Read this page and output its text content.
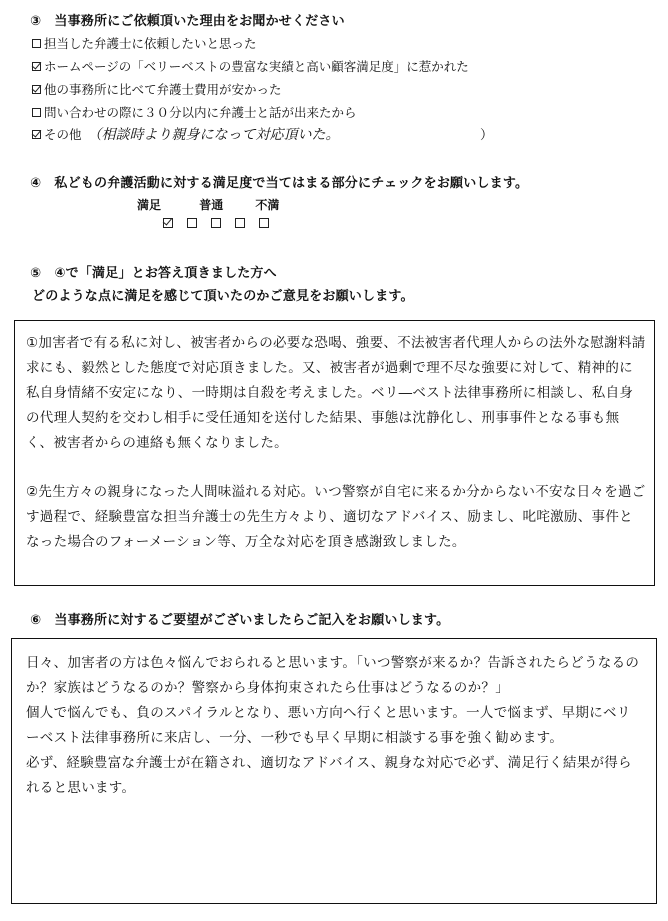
③　当事務所にご依頼頂いた理由をお聞かせください
担当した弁護士に依頼したいと思った
ホームページの「ベリーベストの豊富な実績と高い顧客満足度」に惹かれた
他の事務所に比べて弁護士費用が安かった
問い合わせの際に３０分以内に弁護士と話が出来たから
その他 （相談時より親身になって対応頂いた。	）
④　私どもの弁護活動に対する満足度で当てはまる部分にチェックをお願いします。
満足	普通	不満
⑤　④で「満足」とお答え頂きました方へ
どのような点に満足を感じて頂いたのかご意見をお願いします。

①加害者で有る私に対し、被害者からの必要な恐喝、強要、不法被害者代理人からの法外な慰謝料請求にも、毅然とした態度で対応頂きました。又、被害者が過剰で理不尽な強要に対して、精神的に私自身情緒不安定になり、一時期は自殺を考えました。ベリ―ベスト法律事務所に相談し、私自身の代理人契約を交わし相手に受任通知を送付した結果、事態は沈静化し、刑事事件となる事も無く、被害者からの連絡も無くなりました。

②先生方々の親身になった人間味溢れる対応。いつ警察が自宅に来るか分からない不安な日々を過ごす過程で、経験豊富な担当弁護士の先生方々より、適切なアドバイス、励まし、叱咤激励、事件となった場合のフォーメーション等、万全な対応を頂き感謝致しました。

⑥　当事務所に対するご要望がございましたらご記入をお願いします。

日々、加害者の方は色々悩んでおられると思います。「いつ警察が来るか？告訴されたらどうなるのか？家族はどうなるのか？警察から身体拘束されたら仕事はどうなるのか？」

個人で悩んでも、負のスパイラルとなり、悪い方向へ行くと思います。一人で悩まず、早期にベリーベスト法律事務所に来店し、一分、一秒でも早く早期に相談する事を強く勧めます。

必ず、経験豊富な弁護士が在籍され、適切なアドバイス、親身な対応で必ず、満足行く結果が得られると思います。
